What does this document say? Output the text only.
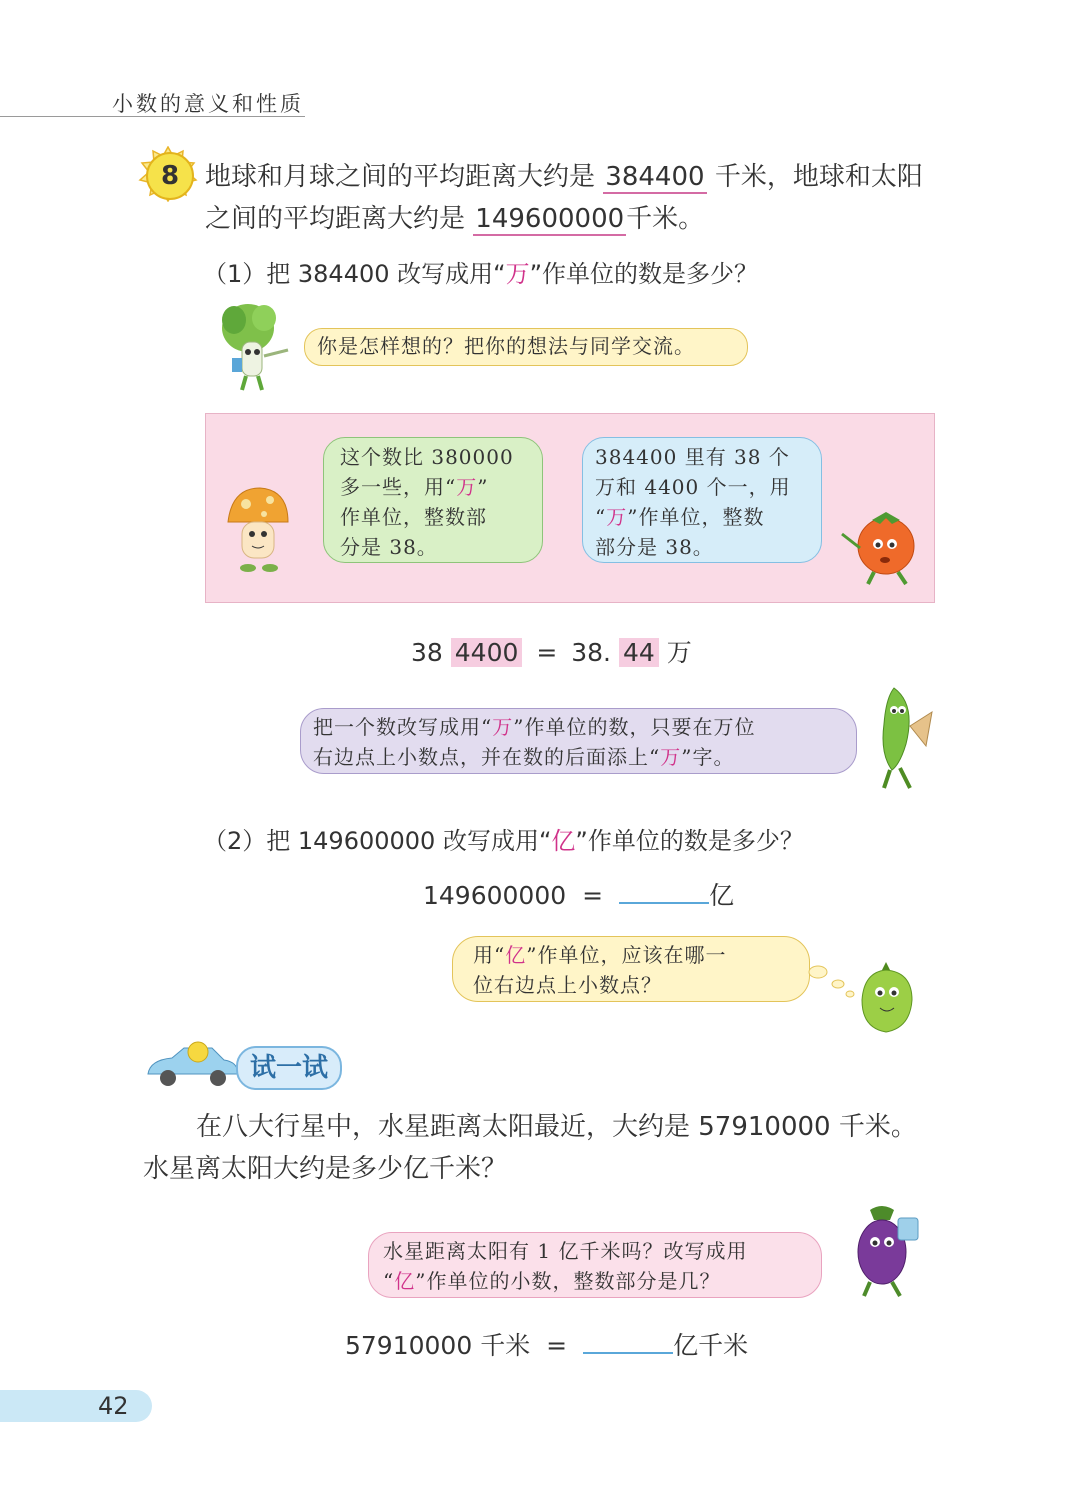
小数的意义和性质
8 地球和月球之间的平均距离大约是 384400 千米，地球和太阳
之间的平均距离大约是 149600000千米。
（1）把 384400 改写成用“万”作单位的数是多少？
你是怎样想的？把你的想法与同学交流。
这个数比 380000
多一些，用“万”
作单位，整数部
分是 38。
384400 里有 38 个
万和 4400 个一，用
“万”作单位，整数
部分是 38。
38 4400 = 38. 44 万
把一个数改写成用“万”作单位的数，只要在万位
右边点上小数点，并在数的后面添上“万”字。
（2）把 149600000 改写成用“亿”作单位的数是多少？
149600000 =	亿
用“亿”作单位，应该在哪一
位右边点上小数点？
试一试
在八大行星中，水星距离太阳最近，大约是 57910000 千米。
水星离太阳大约是多少亿千米？
水星距离太阳有 1 亿千米吗？改写成用
“亿”作单位的小数，整数部分是几？
57910000 千米 =	亿千米
42
